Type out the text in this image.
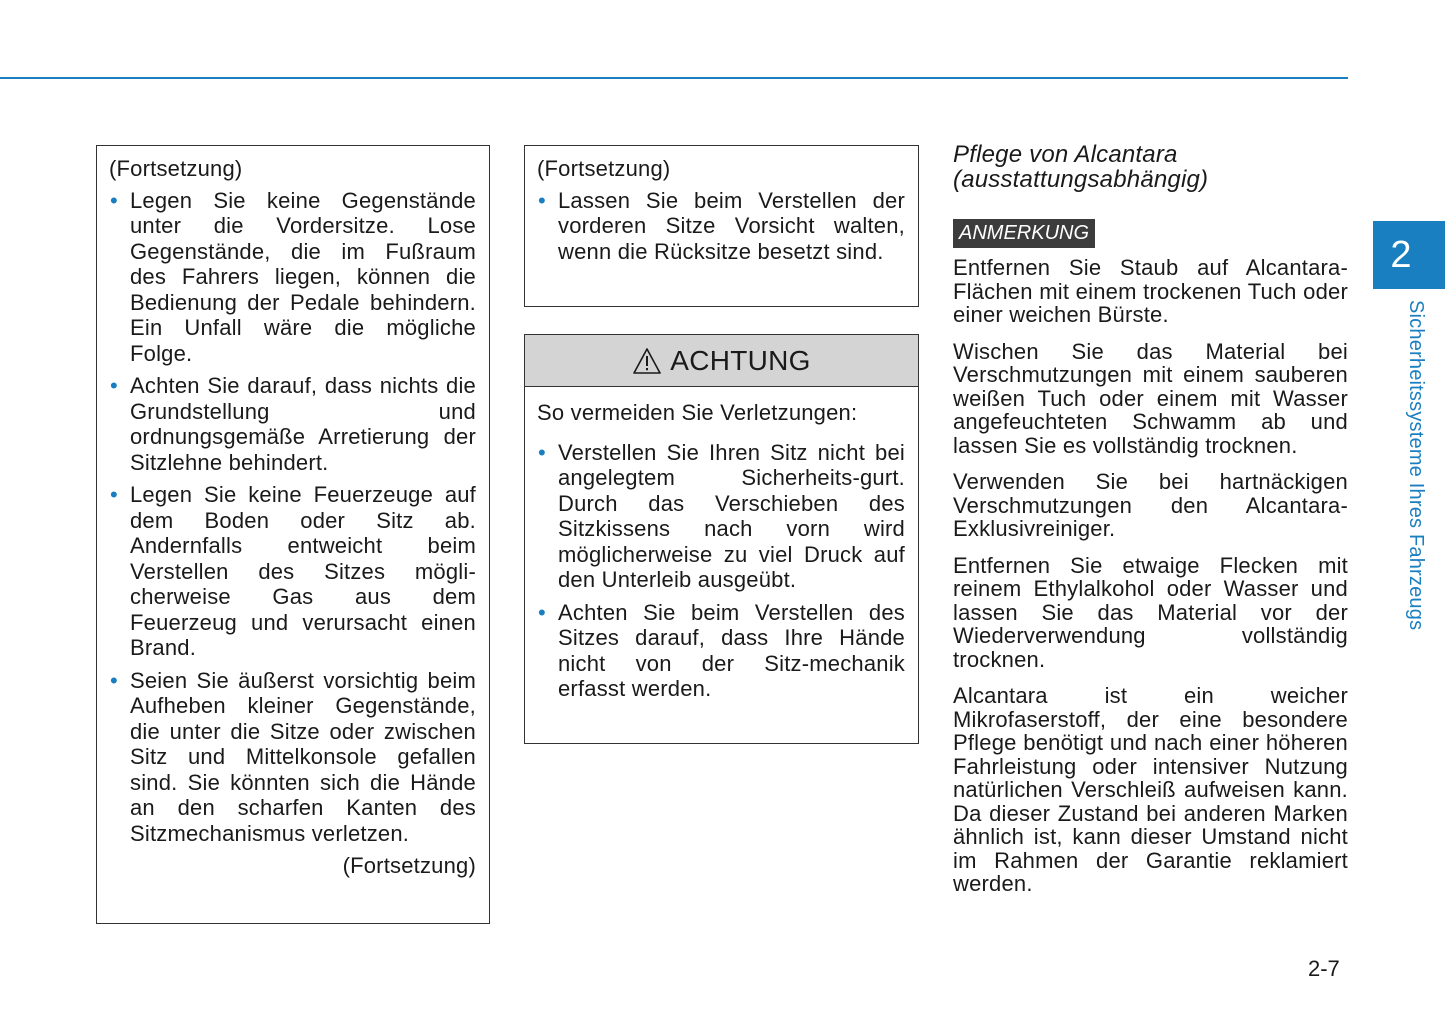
(Fortsetzung)
• Legen Sie keine Gegenstände unter die Vordersitze. Lose Gegenstände, die im Fußraum des Fahrers liegen, können die Bedienung der Pedale behindern. Ein Unfall wäre die mögliche Folge.
• Achten Sie darauf, dass nichts die Grundstellung und ordnungsgemäße Arretierung der Sitzlehne behindert.
• Legen Sie keine Feuerzeuge auf dem Boden oder Sitz ab. Andernfalls entweicht beim Verstellen des Sitzes mögli-cherweise Gas aus dem Feuerzeug und verursacht einen Brand.
• Seien Sie äußerst vorsichtig beim Aufheben kleiner Gegenstände, die unter die Sitze oder zwischen Sitz und Mittelkonsole gefallen sind. Sie könnten sich die Hände an den scharfen Kanten des Sitzmechanismus verletzen.
(Fortsetzung)
(Fortsetzung)
• Lassen Sie beim Verstellen der vorderen Sitze Vorsicht walten, wenn die Rücksitze besetzt sind.
ACHTUNG
So vermeiden Sie Verletzungen:
• Verstellen Sie Ihren Sitz nicht bei angelegtem Sicherheits-gurt. Durch das Verschieben des Sitzkissens nach vorn wird möglicherweise zu viel Druck auf den Unterleib ausgeübt.
• Achten Sie beim Verstellen des Sitzes darauf, dass Ihre Hände nicht von der Sitz-mechanik erfasst werden.
Pflege von Alcantara
(ausstattungsabhängig)
ANMERKUNG

Entfernen Sie Staub auf Alcantara-Flächen mit einem trockenen Tuch oder einer weichen Bürste.

Wischen Sie das Material bei Verschmutzungen mit einem sauberen weißen Tuch oder einem mit Wasser angefeuchteten Schwamm ab und lassen Sie es vollständig trocknen.

Verwenden Sie bei hartnäckigen Verschmutzungen den Alcantara-Exklusivreiniger.

Entfernen Sie etwaige Flecken mit reinem Ethylalkohol oder Wasser und lassen Sie das Material vor der Wiederverwendung vollständig trocknen.

Alcantara ist ein weicher Mikrofaserstoff, der eine besondere Pflege benötigt und nach einer höheren Fahrleistung oder intensiver Nutzung natürlichen Verschleiß aufweisen kann. Da dieser Zustand bei anderen Marken ähnlich ist, kann dieser Umstand nicht im Rahmen der Garantie reklamiert werden.

2
Sicherheitssysteme Ihres Fahrzeugs
2-7
